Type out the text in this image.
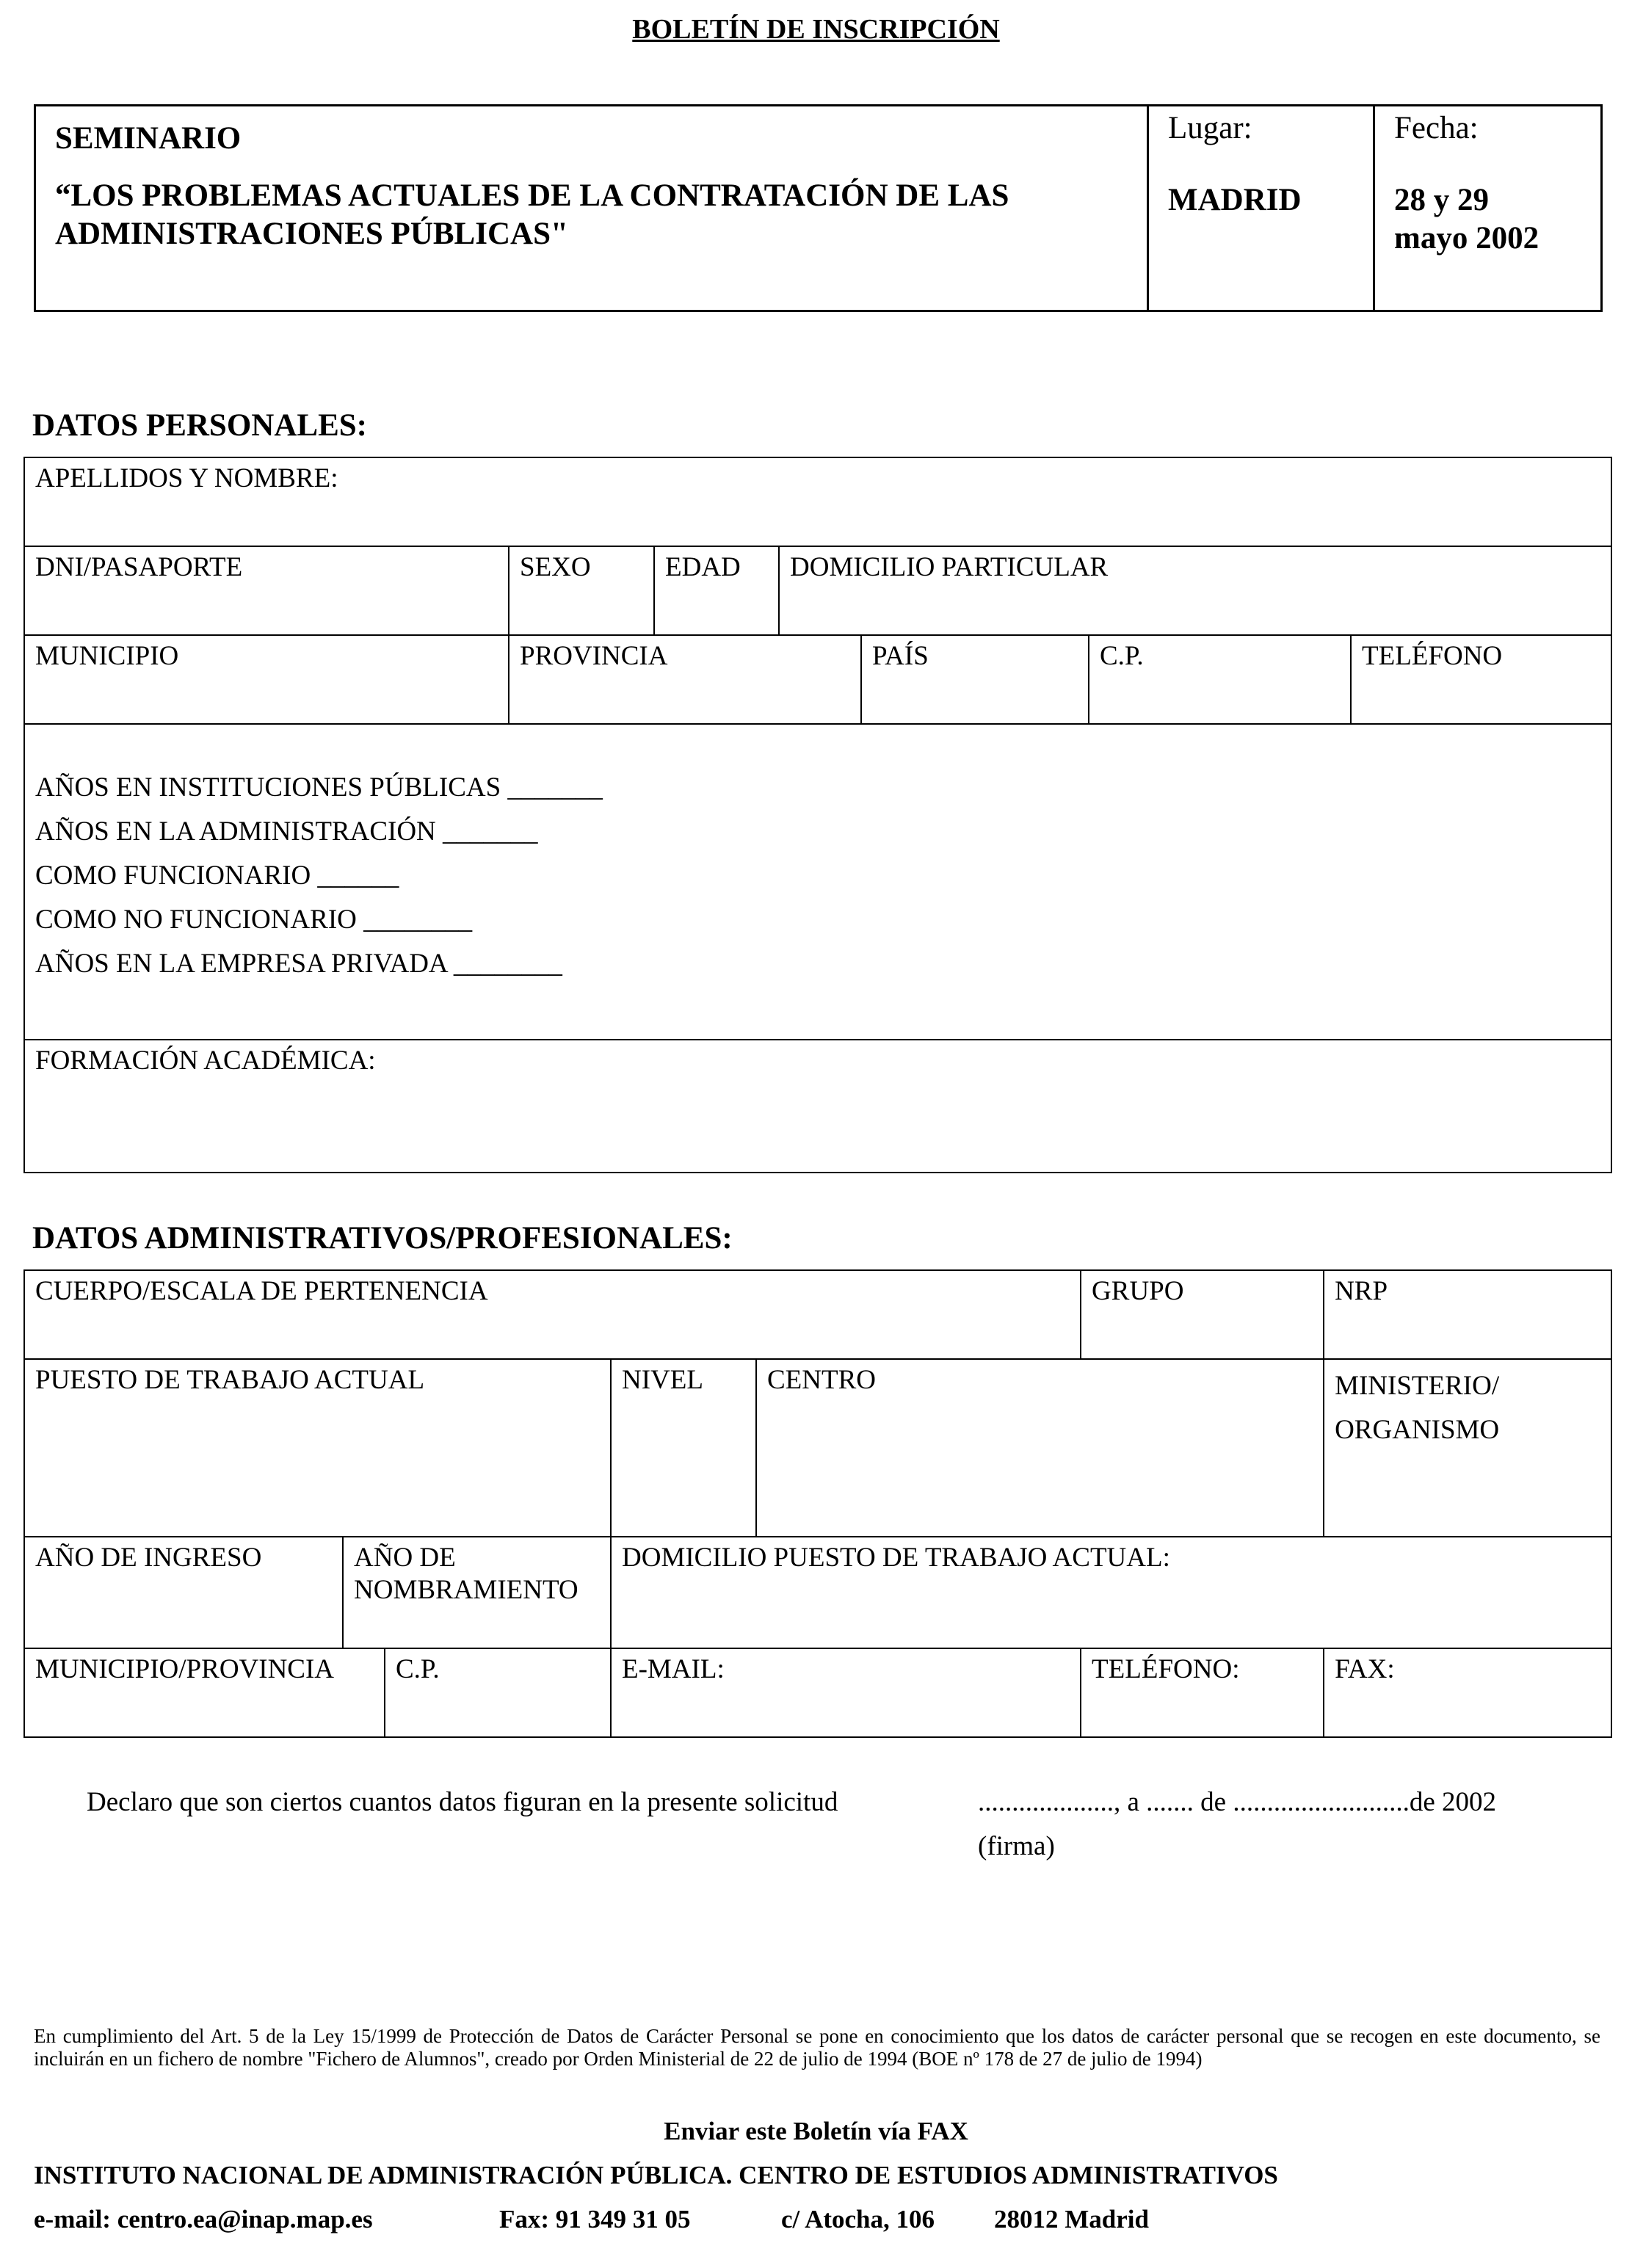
BOLETÍN DE INSCRIPCIÓN
SEMINARIO
“LOS PROBLEMAS ACTUALES DE LA CONTRATACIÓN DE LAS
ADMINISTRACIONES PÚBLICAS"

Lugar:
MADRID

Fecha:
28 y 29
mayo 2002
DATOS PERSONALES:
APELLIDOS Y NOMBRE:						

DNI/PASAPORTE	SEXO	EDAD	DOMICILIO PARTICULAR			

MUNICIPIO	PROVINCIA			PAÍS	C.P.	TELÉFONO

AÑOS EN INSTITUCIONES PÚBLICAS _______
AÑOS EN LA ADMINISTRACIÓN _______
COMO FUNCIONARIO ______
COMO NO FUNCIONARIO ________
AÑOS EN LA EMPRESA PRIVADA ________						

FORMACIÓN ACADÉMICA:						
DATOS ADMINISTRATIVOS/PROFESIONALES:
CUERPO/ESCALA DE PERTENENCIA					GRUPO	NRP

PUESTO DE TRABAJO ACTUAL			NIVEL	CENTRO		MINISTERIO/
ORGANISMO

AÑO DE INGRESO	AÑO DE
NOMBRAMIENTO		DOMICILIO PUESTO DE TRABAJO ACTUAL:			

MUNICIPIO/PROVINCIA		C.P.	E-MAIL:		TELÉFONO:	FAX:
Declaro que son ciertos cuantos datos figuran en la presente solicitud	...................., a ....... de ..........................de 2002
(firma)
En cumplimiento del Art. 5 de la Ley 15/1999 de Protección de Datos de Carácter Personal se pone en conocimiento que los datos de carácter personal que se recogen en este documento, se incluirán en un fichero de nombre "Fichero de Alumnos", creado por Orden Ministerial de 22 de julio de 1994 (BOE nº 178 de 27 de julio de 1994)
Enviar este Boletín vía FAX
INSTITUTO NACIONAL DE ADMINISTRACIÓN PÚBLICA. CENTRO DE ESTUDIOS ADMINISTRATIVOS
e-mail: centro.ea@inap.map.es	Fax: 91 349 31 05	c/ Atocha, 106 28012 Madrid
